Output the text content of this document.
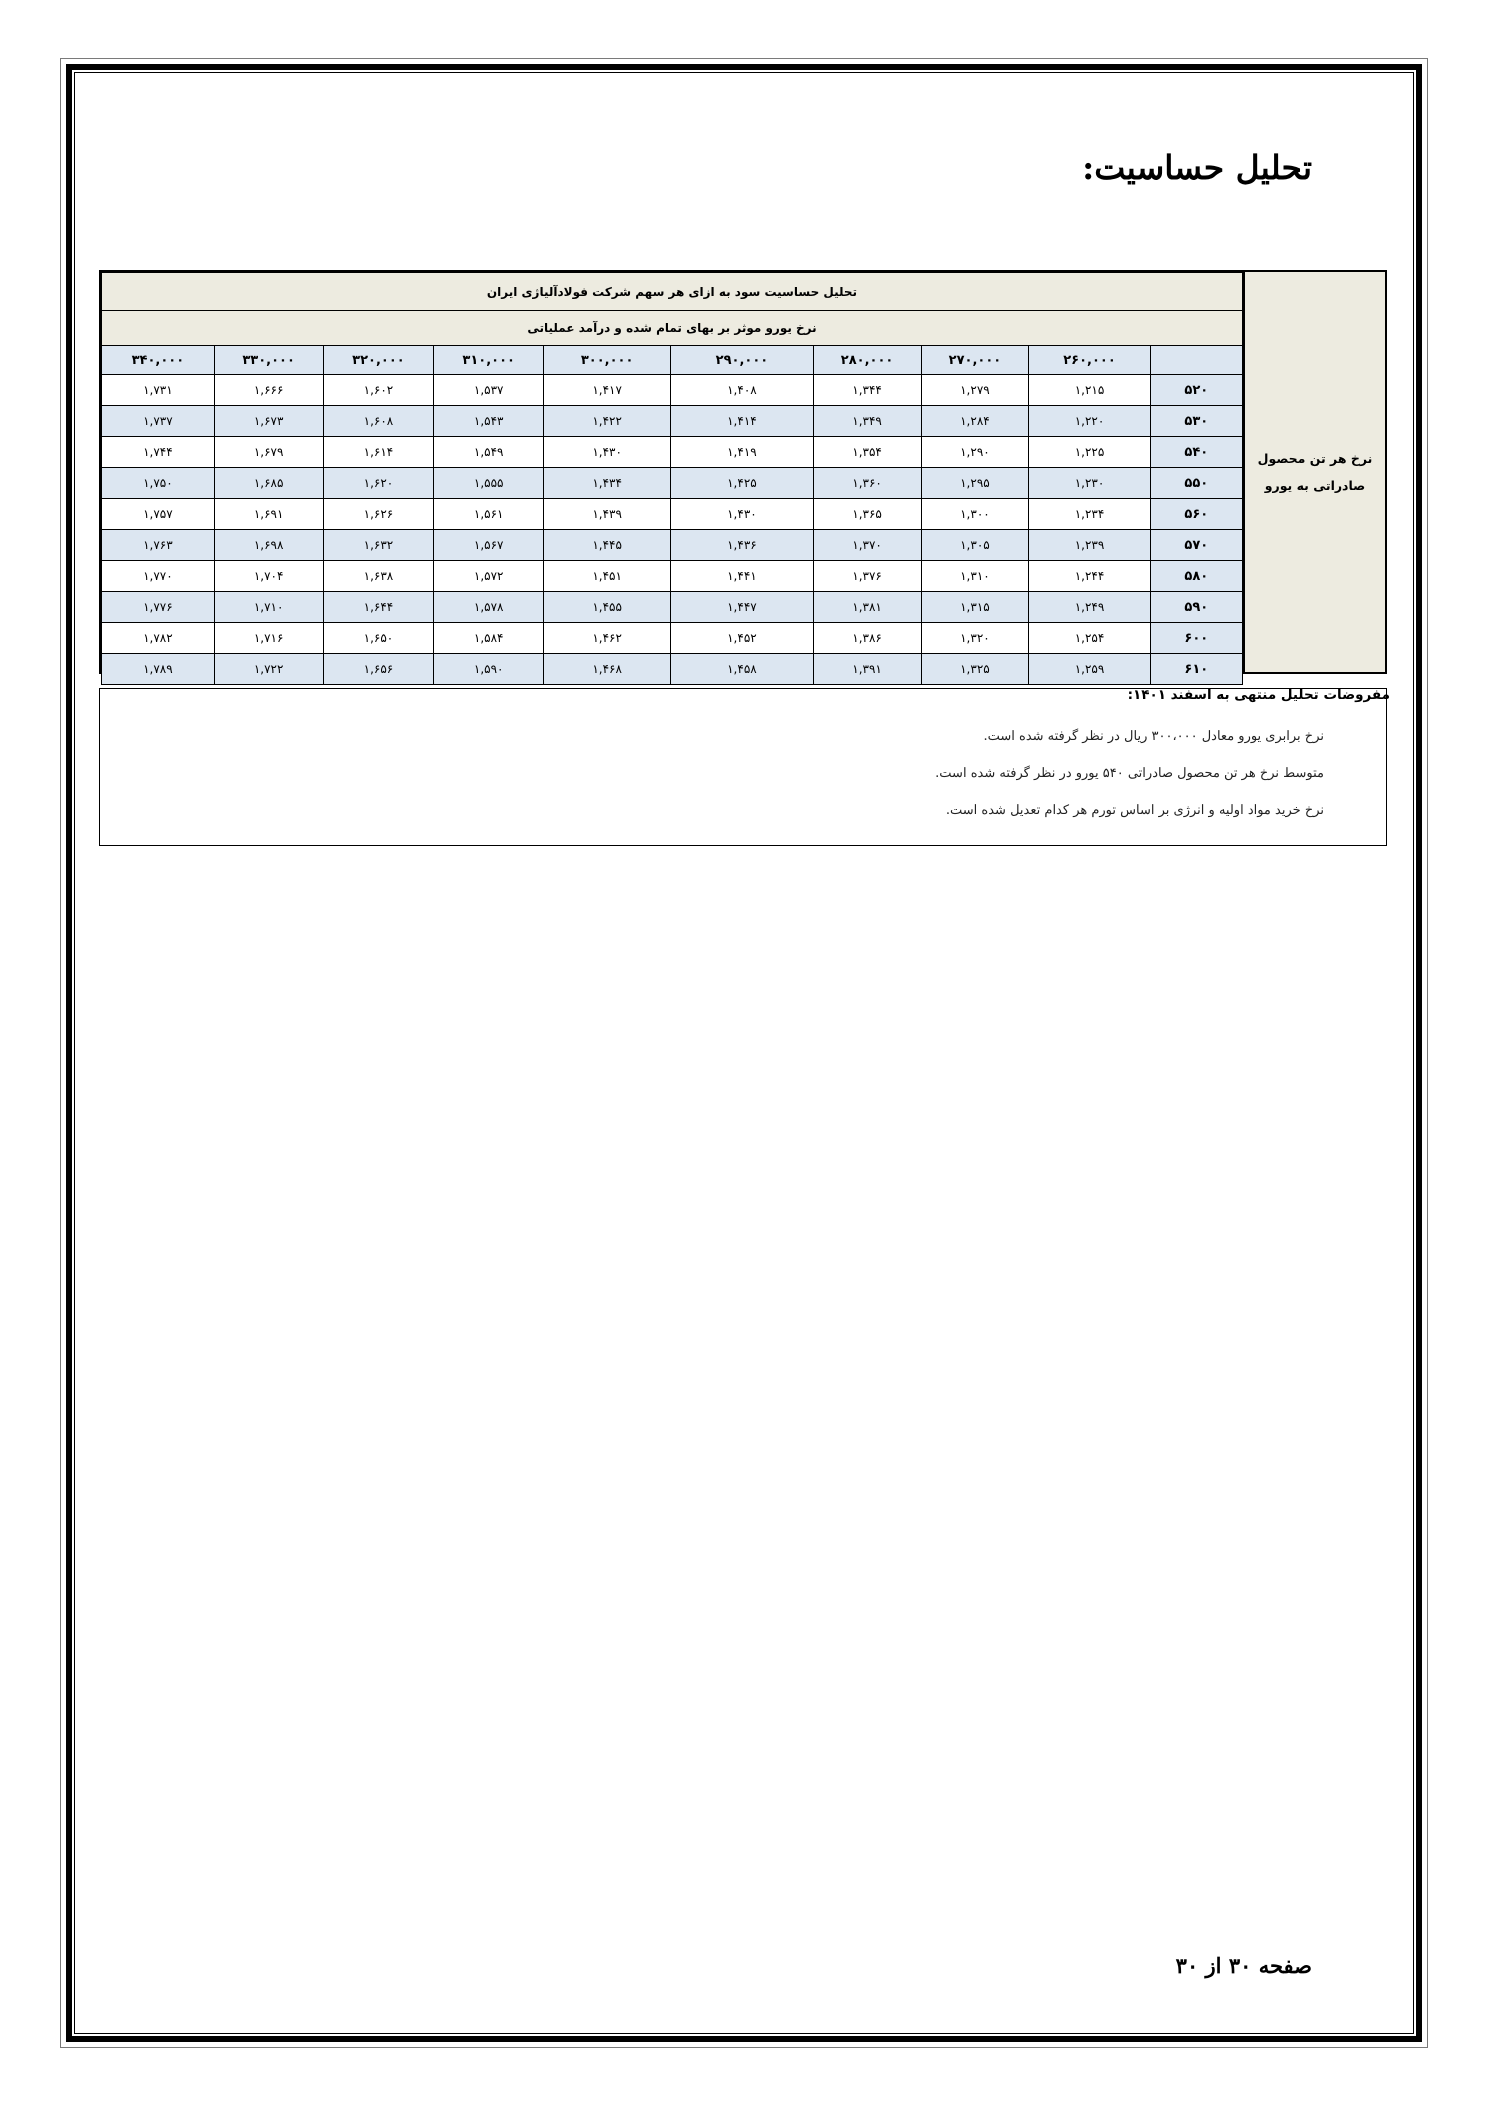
تحلیل حساسیت:
نرخ هر تن محصول
صادراتی به یورو
تحلیل حساسیت سود به ازای هر سهم شرکت فولادآلیاژی ایران									
نرخ یورو موثر بر بهای تمام شده و درآمد عملیاتی									
	۲۶۰,۰۰۰	۲۷۰,۰۰۰	۲۸۰,۰۰۰	۲۹۰,۰۰۰	۳۰۰,۰۰۰	۳۱۰,۰۰۰	۳۲۰,۰۰۰	۳۳۰,۰۰۰	۳۴۰,۰۰۰
۵۲۰	۱,۲۱۵	۱,۲۷۹	۱,۳۴۴	۱,۴۰۸	۱,۴۱۷	۱,۵۳۷	۱,۶۰۲	۱,۶۶۶	۱,۷۳۱
۵۳۰	۱,۲۲۰	۱,۲۸۴	۱,۳۴۹	۱,۴۱۴	۱,۴۲۲	۱,۵۴۳	۱,۶۰۸	۱,۶۷۳	۱,۷۳۷
۵۴۰	۱,۲۲۵	۱,۲۹۰	۱,۳۵۴	۱,۴۱۹	۱,۴۳۰	۱,۵۴۹	۱,۶۱۴	۱,۶۷۹	۱,۷۴۴
۵۵۰	۱,۲۳۰	۱,۲۹۵	۱,۳۶۰	۱,۴۲۵	۱,۴۳۴	۱,۵۵۵	۱,۶۲۰	۱,۶۸۵	۱,۷۵۰
۵۶۰	۱,۲۳۴	۱,۳۰۰	۱,۳۶۵	۱,۴۳۰	۱,۴۳۹	۱,۵۶۱	۱,۶۲۶	۱,۶۹۱	۱,۷۵۷
۵۷۰	۱,۲۳۹	۱,۳۰۵	۱,۳۷۰	۱,۴۳۶	۱,۴۴۵	۱,۵۶۷	۱,۶۳۲	۱,۶۹۸	۱,۷۶۳
۵۸۰	۱,۲۴۴	۱,۳۱۰	۱,۳۷۶	۱,۴۴۱	۱,۴۵۱	۱,۵۷۲	۱,۶۳۸	۱,۷۰۴	۱,۷۷۰
۵۹۰	۱,۲۴۹	۱,۳۱۵	۱,۳۸۱	۱,۴۴۷	۱,۴۵۵	۱,۵۷۸	۱,۶۴۴	۱,۷۱۰	۱,۷۷۶
۶۰۰	۱,۲۵۴	۱,۳۲۰	۱,۳۸۶	۱,۴۵۲	۱,۴۶۲	۱,۵۸۴	۱,۶۵۰	۱,۷۱۶	۱,۷۸۲
۶۱۰	۱,۲۵۹	۱,۳۲۵	۱,۳۹۱	۱,۴۵۸	۱,۴۶۸	۱,۵۹۰	۱,۶۵۶	۱,۷۲۲	۱,۷۸۹

مفروضات تحلیل منتهی به اسفند ۱۴۰۱:

نرخ برابری یورو معادل ۳۰۰،۰۰۰ ریال در نظر گرفته شده است.
متوسط نرخ هر تن محصول صادراتی ۵۴۰ یورو در نظر گرفته شده است.
نرخ خرید مواد اولیه و انرژی بر اساس تورم هر کدام تعدیل شده است.
صفحه ۳۰ از ۳۰
